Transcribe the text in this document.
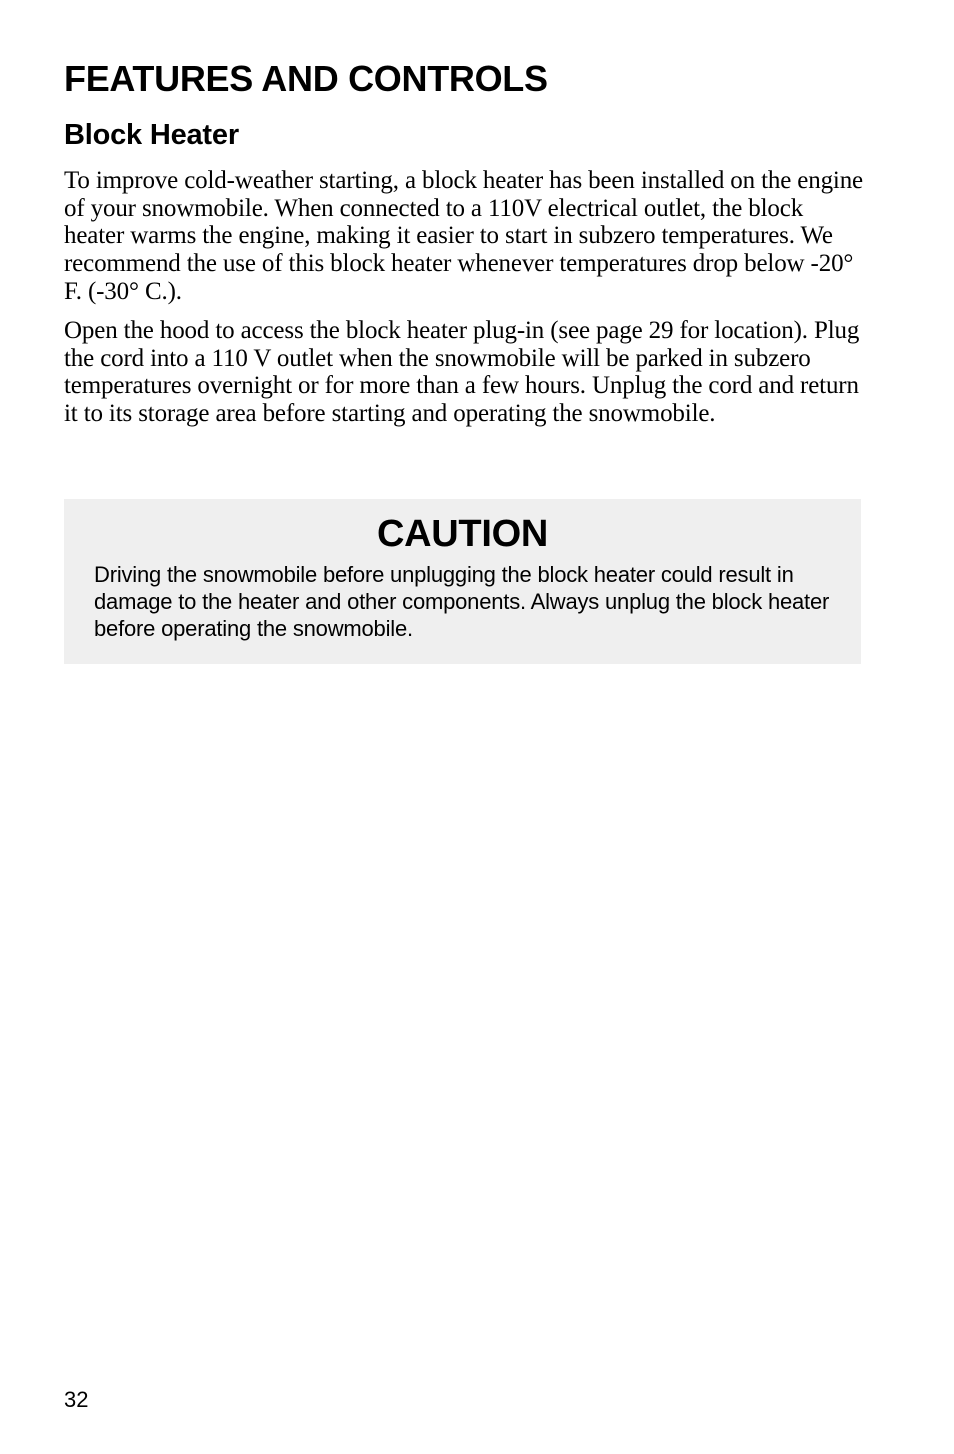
FEATURES AND CONTROLS
Block Heater

To improve cold-weather starting, a block heater has been installed on the engine of your snowmobile. When connected to a 110V electrical outlet, the block heater warms the engine, making it easier to start in subzero temperatures. We recommend the use of this block heater whenever temperatures drop below -20° F. (-30° C.).

Open the hood to access the block heater plug-in (see page 29 for location). Plug the cord into a 110 V outlet when the snowmobile will be parked in subzero temperatures overnight or for more than a few hours. Unplug the cord and return it to its storage area before starting and operating the snowmobile.

CAUTION

Driving the snowmobile before unplugging the block heater could result in damage to the heater and other components. Always unplug the block heater before operating the snowmobile.

32
